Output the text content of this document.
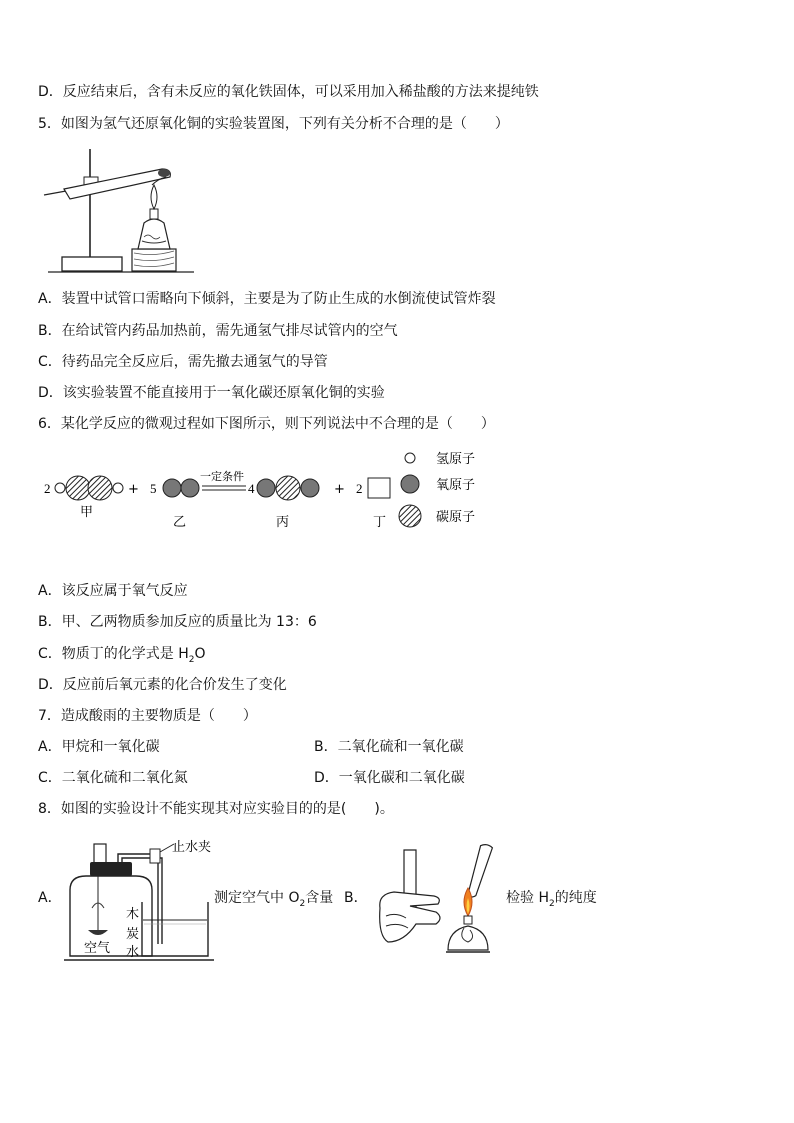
D．反应结束后，含有未反应的氧化铁固体，可以采用加入稀盐酸的方法来提纯铁
5．如图为氢气还原氧化铜的实验装置图，下列有关分析不合理的是（　　）
A．装置中试管口需略向下倾斜，主要是为了防止生成的水倒流使试管炸裂
B．在给试管内药品加热前，需先通氢气排尽试管内的空气
C．待药品完全反应后，需先撤去通氢气的导管
D．该实验装置不能直接用于一氧化碳还原氧化铜的实验
6．某化学反应的微观过程如下图所示，则下列说法中不合理的是（　　）
2	+
甲
5
乙
一定条件
4
丙
+ 2
丁
氢原子
氧原子
碳原子
A．该反应属于氧气反应
B．甲、乙两物质参加反应的质量比为 13：6
C．物质丁的化学式是 $H_2O$
D．反应前后氧元素的化合价发生了变化
7．造成酸雨的主要物质是（　　）
A．甲烷和一氧化碳	B．二氧化硫和一氧化碳
C．二氧化硫和二氧化氮	D．一氧化碳和二氧化碳
8．如图的实验设计不能实现其对应实验目的的是(　　)。
A．
空气
止水夹
木
炭
水
测定空气中 $O_2$含量 B．	检验 $H_2$的纯度
